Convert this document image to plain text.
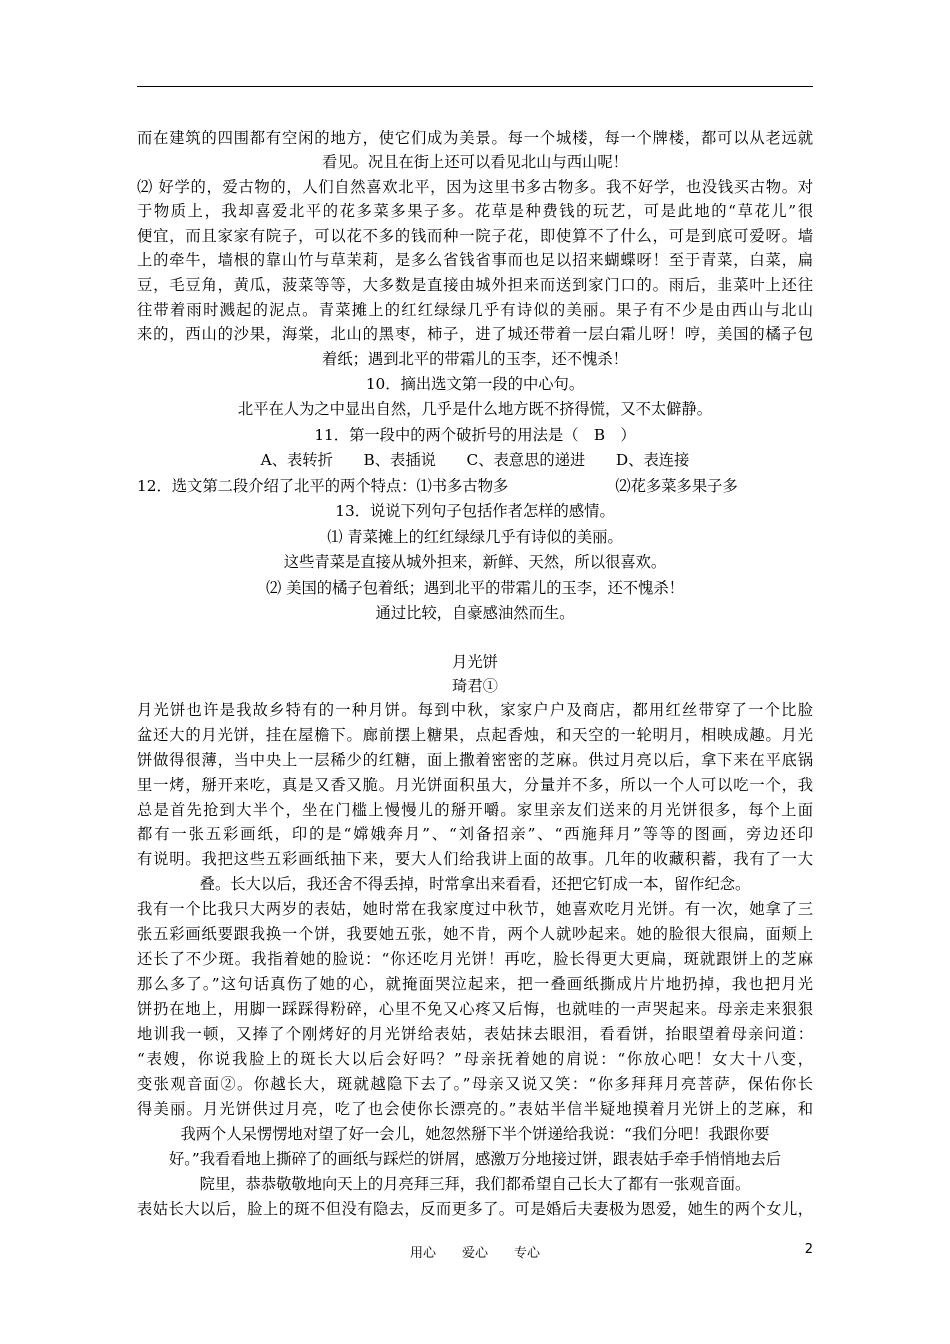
而在建筑的四围都有空闲的地方，使它们成为美景。每一个城楼，每一个牌楼，都可以从老远就
看见。况且在街上还可以看见北山与西山呢！
⑵ 好学的，爱古物的，人们自然喜欢北平，因为这里书多古物多。我不好学，也没钱买古物。对
于物质上，我却喜爱北平的花多菜多果子多。花草是种费钱的玩艺，可是此地的“草花儿”很
便宜，而且家家有院子，可以花不多的钱而种一院子花，即使算不了什么，可是到底可爱呀。墙
上的牵牛，墙根的靠山竹与草茉莉，是多么省钱省事而也足以招来蝴蝶呀！至于青菜，白菜，扁
豆，毛豆角，黄瓜，菠菜等等，大多数是直接由城外担来而送到家门口的。雨后，韭菜叶上还往
往带着雨时溅起的泥点。青菜摊上的红红绿绿几乎有诗似的美丽。果子有不少是由西山与北山
来的，西山的沙果，海棠，北山的黑枣，柿子，进了城还带着一层白霜儿呀！哼，美国的橘子包
着纸；遇到北平的带霜儿的玉李，还不愧杀！
10．摘出选文第一段的中心句。
北平在人为之中显出自然，几乎是什么地方既不挤得慌，又不太僻静。
11．第一段中的两个破折号的用法是（　B　）
A、表转折　　B、表插说　　C、表意思的递进　　D、表连接
12．选文第二段介绍了北平的两个特点：⑴书多古物多　　　　　　　⑵花多菜多果子多
13．说说下列句子包括作者怎样的感情。
⑴ 青菜摊上的红红绿绿几乎有诗似的美丽。
这些青菜是直接从城外担来，新鲜、天然，所以很喜欢。
⑵ 美国的橘子包着纸；遇到北平的带霜儿的玉李，还不愧杀！
通过比较，自豪感油然而生。
月光饼
琦君①
月光饼也许是我故乡特有的一种月饼。每到中秋，家家户户及商店，都用红丝带穿了一个比脸
盆还大的月光饼，挂在屋檐下。廊前摆上糖果，点起香烛，和天空的一轮明月，相映成趣。月光
饼做得很薄，当中央上一层稀少的红糖，面上撒着密密的芝麻。供过月亮以后，拿下来在平底锅
里一烤，掰开来吃，真是又香又脆。月光饼面积虽大，分量并不多，所以一个人可以吃一个，我
总是首先抢到大半个，坐在门槛上慢慢儿的掰开嚼。家里亲友们送来的月光饼很多，每个上面
都有一张五彩画纸，印的是“嫦娥奔月”、“刘备招亲”、“西施拜月”等等的图画，旁边还印
有说明。我把这些五彩画纸抽下来，要大人们给我讲上面的故事。几年的收藏积蓄，我有了一大
叠。长大以后，我还舍不得丢掉，时常拿出来看看，还把它钉成一本，留作纪念。
我有一个比我只大两岁的表姑，她时常在我家度过中秋节，她喜欢吃月光饼。有一次，她拿了三
张五彩画纸要跟我换一个饼，我要她五张，她不肯，两个人就吵起来。她的脸很大很扁，面颊上
还长了不少斑。我指着她的脸说：“你还吃月光饼！再吃，脸长得更大更扁，斑就跟饼上的芝麻
那么多了。”这句话真伤了她的心，就掩面哭泣起来，把一叠画纸撕成片片地扔掉，我也把月光
饼扔在地上，用脚一踩踩得粉碎，心里不免又心疼又后悔，也就哇的一声哭起来。母亲走来狠狠
地训我一顿，又捧了个刚烤好的月光饼给表姑，表姑抹去眼泪，看看饼，抬眼望着母亲问道：
“表嫂，你说我脸上的斑长大以后会好吗？”母亲抚着她的肩说：“你放心吧！女大十八变，
变张观音面②。你越长大，斑就越隐下去了。”母亲又说又笑：“你多拜拜月亮菩萨，保佑你长
得美丽。月光饼供过月亮，吃了也会使你长漂亮的。”表姑半信半疑地摸着月光饼上的芝麻，和
我两个人呆愣愣地对望了好一会儿，她忽然掰下半个饼递给我说：“我们分吧！我跟你要
好。”我看看地上撕碎了的画纸与踩烂的饼屑，感激万分地接过饼，跟表姑手牵手悄悄地去后
院里，恭恭敬敬地向天上的月亮拜三拜，我们都希望自己长大了都有一张观音面。
表姑长大以后，脸上的斑不但没有隐去，反而更多了。可是婚后夫妻极为恩爱，她生的两个女儿，
用心　　爱心　　专心	2
